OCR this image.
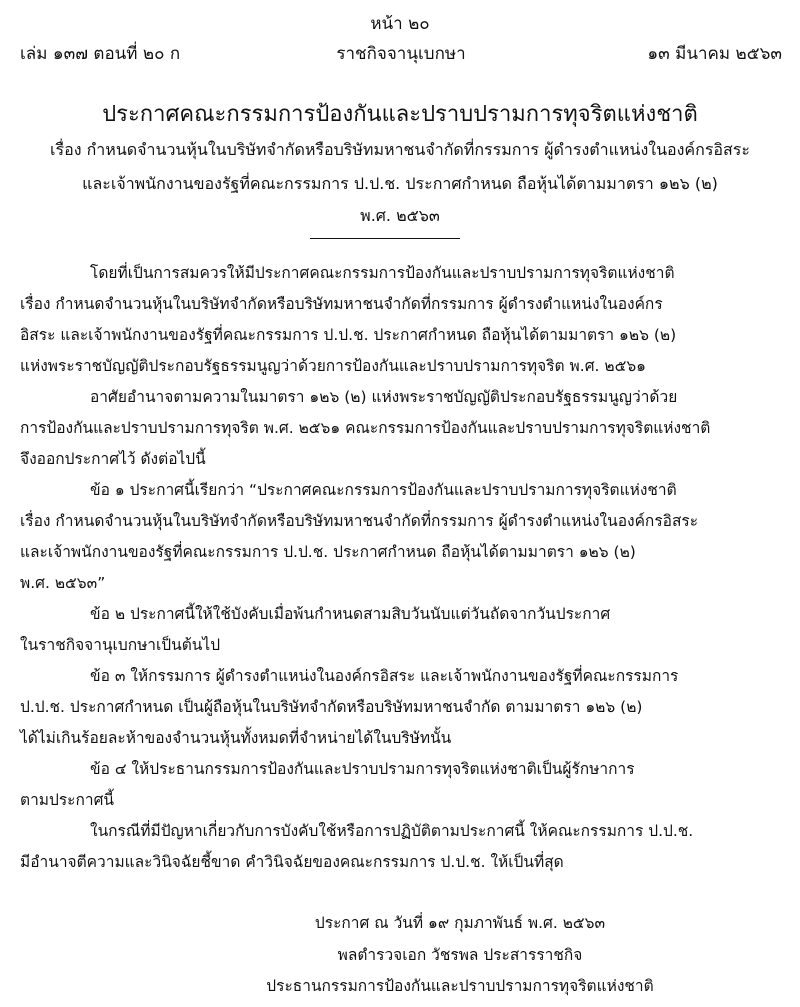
หน้า ๒๐
เล่ม ๑๓๗ ตอนที่ ๒๐ ก	ราชกิจจานุเบกษา	๑๓ มีนาคม ๒๕๖๓
ประกาศคณะกรรมการป้องกันและปราบปรามการทุจริตแห่งชาติ
เรื่อง กำหนดจำนวนหุ้นในบริษัทจำกัดหรือบริษัทมหาชนจำกัดที่กรรมการ ผู้ดำรงตำแหน่งในองค์กรอิสระ
และเจ้าพนักงานของรัฐที่คณะกรรมการ ป.ป.ช. ประกาศกำหนด ถือหุ้นได้ตามมาตรา ๑๒๖ (๒)
พ.ศ. ๒๕๖๓
โดยที่เป็นการสมควรให้มีประกาศคณะกรรมการป้องกันและปราบปรามการทุจริตแห่งชาติ
เรื่อง กำหนดจำนวนหุ้นในบริษัทจำกัดหรือบริษัทมหาชนจำกัดที่กรรมการ ผู้ดำรงตำแหน่งในองค์กร
อิสระ และเจ้าพนักงานของรัฐที่คณะกรรมการ ป.ป.ช. ประกาศกำหนด ถือหุ้นได้ตามมาตรา ๑๒๖ (๒)
แห่งพระราชบัญญัติประกอบรัฐธรรมนูญว่าด้วยการป้องกันและปราบปรามการทุจริต พ.ศ. ๒๕๖๑
อาศัยอำนาจตามความในมาตรา ๑๒๖ (๒) แห่งพระราชบัญญัติประกอบรัฐธรรมนูญว่าด้วย
การป้องกันและปราบปรามการทุจริต พ.ศ. ๒๕๖๑ คณะกรรมการป้องกันและปราบปรามการทุจริตแห่งชาติ
จึงออกประกาศไว้ ดังต่อไปนี้
ข้อ ๑ ประกาศนี้เรียกว่า “ประกาศคณะกรรมการป้องกันและปราบปรามการทุจริตแห่งชาติ
เรื่อง กำหนดจำนวนหุ้นในบริษัทจำกัดหรือบริษัทมหาชนจำกัดที่กรรมการ ผู้ดำรงตำแหน่งในองค์กรอิสระ
และเจ้าพนักงานของรัฐที่คณะกรรมการ ป.ป.ช. ประกาศกำหนด ถือหุ้นได้ตามมาตรา ๑๒๖ (๒)
พ.ศ. ๒๕๖๓”
ข้อ ๒ ประกาศนี้ให้ใช้บังคับเมื่อพ้นกำหนดสามสิบวันนับแต่วันถัดจากวันประกาศ
ในราชกิจจานุเบกษาเป็นต้นไป
ข้อ ๓ ให้กรรมการ ผู้ดำรงตำแหน่งในองค์กรอิสระ และเจ้าพนักงานของรัฐที่คณะกรรมการ
ป.ป.ช. ประกาศกำหนด เป็นผู้ถือหุ้นในบริษัทจำกัดหรือบริษัทมหาชนจำกัด ตามมาตรา ๑๒๖ (๒)
ได้ไม่เกินร้อยละห้าของจำนวนหุ้นทั้งหมดที่จำหน่ายได้ในบริษัทนั้น
ข้อ ๔ ให้ประธานกรรมการป้องกันและปราบปรามการทุจริตแห่งชาติเป็นผู้รักษาการ
ตามประกาศนี้
ในกรณีที่มีปัญหาเกี่ยวกับการบังคับใช้หรือการปฏิบัติตามประกาศนี้ ให้คณะกรรมการ ป.ป.ช.
มีอำนาจตีความและวินิจฉัยชี้ขาด คำวินิจฉัยของคณะกรรมการ ป.ป.ช. ให้เป็นที่สุด
ประกาศ ณ วันที่ ๑๙ กุมภาพันธ์ พ.ศ. ๒๕๖๓
พลตำรวจเอก วัชรพล ประสารราชกิจ
ประธานกรรมการป้องกันและปราบปรามการทุจริตแห่งชาติ
